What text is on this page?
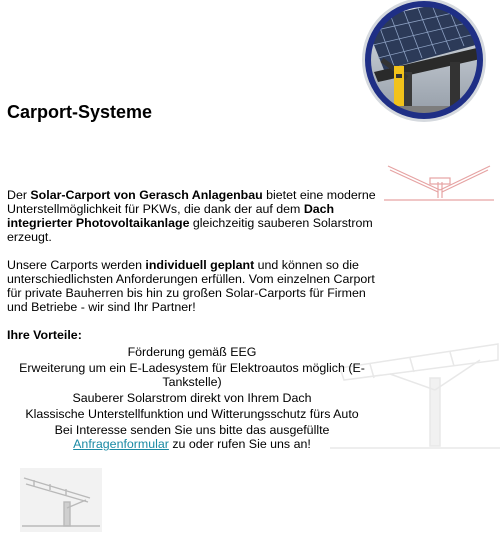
Carport-Systeme

Der Solar-Carport von Gerasch Anlagenbau bietet eine moderne Unterstellmöglichkeit für PKWs, die dank der auf dem Dach integrierter Photovoltaikanlage gleichzeitig sauberen Solarstrom erzeugt.

Unsere Carports werden individuell geplant und können so die unterschiedlichsten Anforderungen erfüllen. Vom einzelnen Carport für private Bauherren bis hin zu großen Solar-Carports für Firmen und Betriebe - wir sind Ihr Partner!

Ihre Vorteile:
Förderung gemäß EEG
Erweiterung um ein E-Ladesystem für Elektroautos möglich (E-Tankstelle)
Sauberer Solarstrom direkt von Ihrem Dach
Klassische Unterstellfunktion und Witterungsschutz fürs Auto

Bei Interesse senden Sie uns bitte das ausgefüllte Anfragenformular zu oder rufen Sie uns an!
